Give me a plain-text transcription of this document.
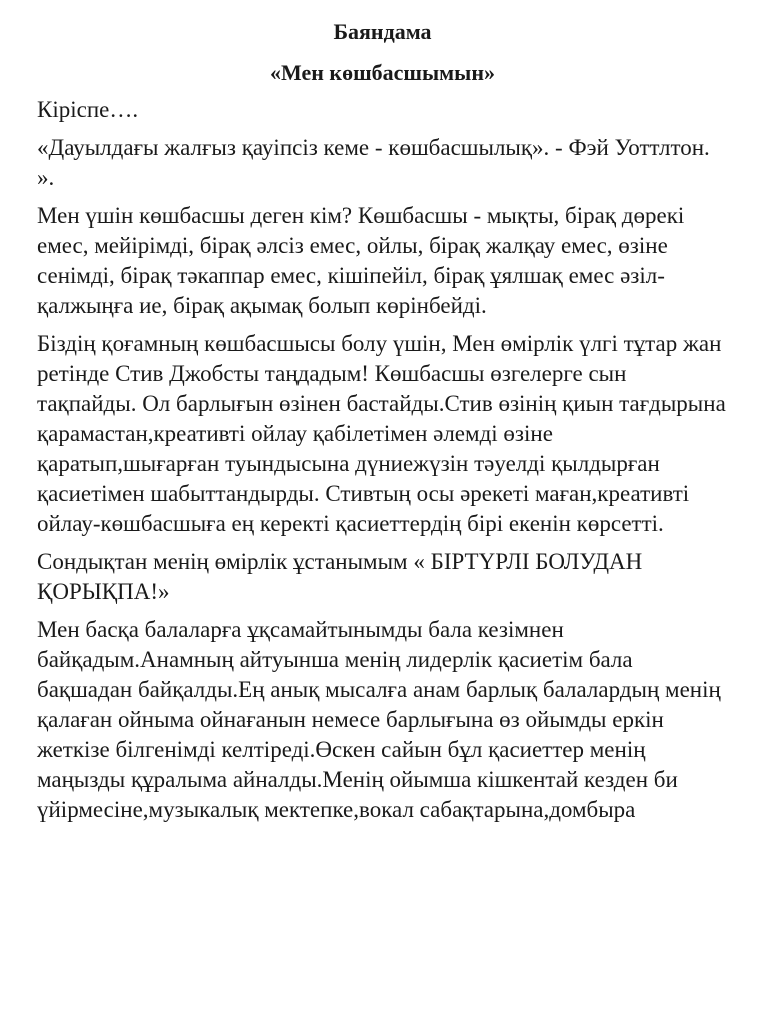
Баяндама
«Мен көшбасшымын»

Кіріспе….

«Дауылдағы жалғыз қауіпсіз кеме - көшбасшылық». - Фэй Уоттлтон. ».

Мен үшін көшбасшы деген кім? Көшбасшы - мықты, бірақ дөрекі емес, мейірімді, бірақ әлсіз емес, ойлы, бірақ жалқау емес, өзіне сенімді, бірақ тәкаппар емес, кішіпейіл, бірақ ұялшақ емес әзіл-қалжыңға ие, бірақ ақымақ болып көрінбейді.

Біздің қоғамның көшбасшысы болу үшін, Мен өмірлік үлгі тұтар жан ретінде Стив Джобсты таңдадым! Көшбасшы өзгелерге сын тақпайды. Ол барлығын өзінен бастайды.Стив өзінің қиын тағдырына қарамастан,креативті ойлау қабілетімен әлемді өзіне қаратып,шығарған туындысына дүниежүзін тәуелді қылдырған қасиетімен шабыттандырды. Стивтың осы әрекеті маған,креативті ойлау-көшбасшыға ең керекті қасиеттердің бірі екенін көрсетті.

Сондықтан менің өмірлік ұстанымым « БІРТҮРЛІ БОЛУДАН ҚОРЫҚПА!»

Мен басқа балаларға ұқсамайтынымды бала кезімнен байқадым.Анамның айтуынша менің лидерлік қасиетім бала бақшадан байқалды.Ең анық мысалға анам барлық балалардың менің қалаған ойныма ойнағанын немесе барлығына өз ойымды еркін жеткізе білгенімді келтіреді.Өскен сайын бұл қасиеттер менің маңызды құралыма айналды.Менің ойымша кішкентай кезден би үйірмесіне,музыкалық мектепке,вокал сабақтарына,домбыра
